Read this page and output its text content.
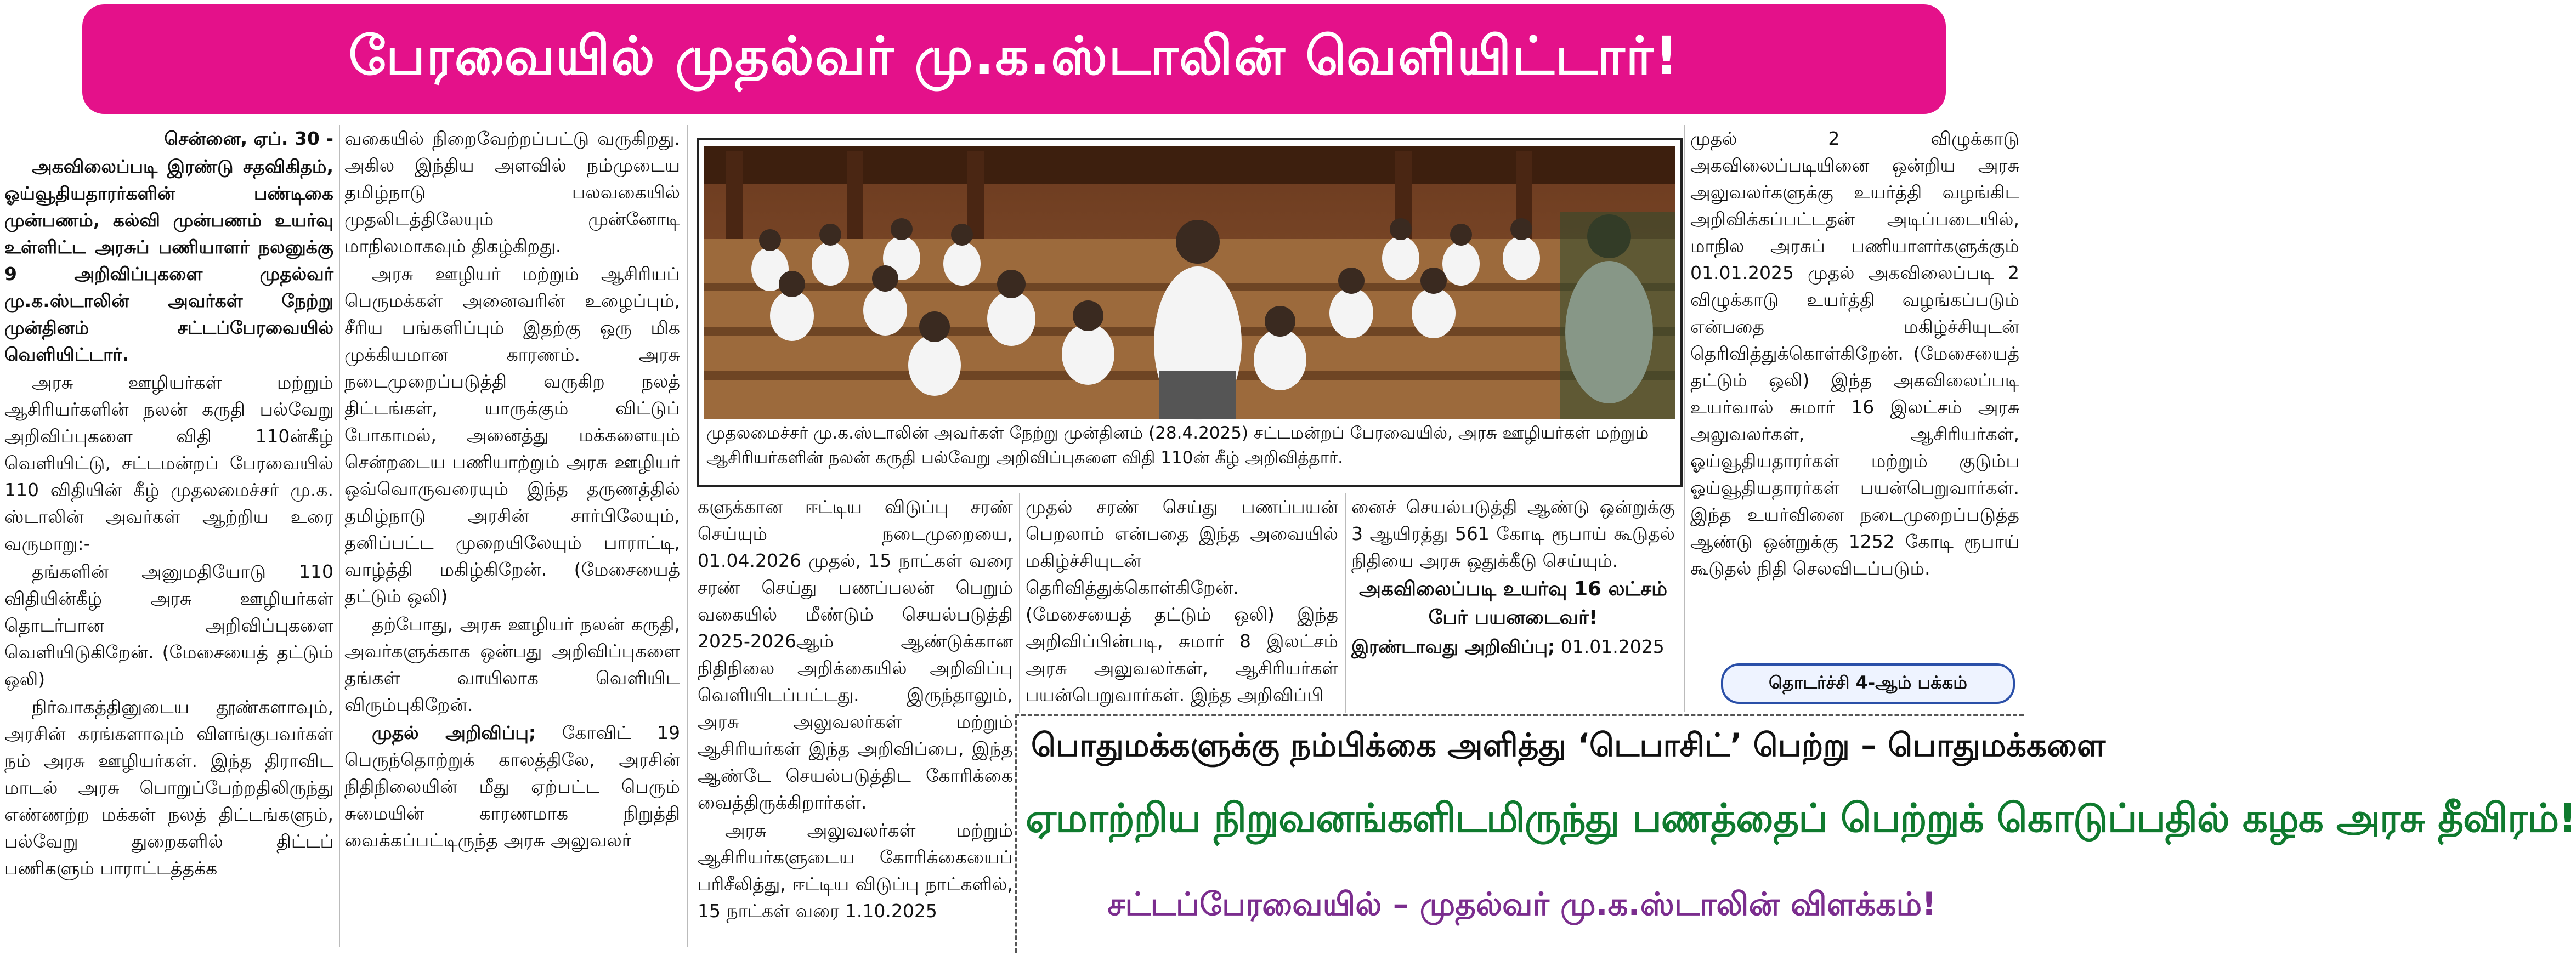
பேரவையில் முதல்வர் மு.க.ஸ்டாலின் வெளியிட்டார்!

சென்னை, ஏப். 30 -

அகவிலைப்படி இரண்டு சதவிகிதம், ஓய்வூதியதாரர்களின் பண்டிகை முன்பணம், கல்வி முன்பணம் உயர்வு உள்ளிட்ட அரசுப் பணியாளர் நலனுக்கு 9 அறிவிப்புகளை முதல்வர் மு.க.ஸ்டாலின் அவர்கள் நேற்று முன்தினம் சட்டப்பேரவையில் வெளியிட்டார்.

அரசு ஊழியர்கள் மற்றும் ஆசிரியர்களின் நலன் கருதி பல்வேறு அறிவிப்புகளை விதி 110ன்கீழ் வெளியிட்டு, சட்டமன்றப் பேரவையில் 110 விதியின் கீழ் முதலமைச்சர் மு.க. ஸ்டாலின் அவர்கள் ஆற்றிய உரை வருமாறு:-

தங்களின் அனுமதியோடு 110 விதியின்கீழ் அரசு ஊழியர்கள் தொடர்பான அறிவிப்புகளை வெளியிடுகிறேன். (மேசையைத் தட்டும் ஒலி)

நிர்வாகத்தினுடைய தூண்களாவும், அரசின் கரங்களாவும் விளங்குபவர்கள் நம் அரசு ஊழியர்கள். இந்த திராவிட மாடல் அரசு பொறுப்பேற்றதிலிருந்து எண்ணற்ற மக்கள் நலத் திட்டங்களும், பல்வேறு துறைகளில் திட்டப் பணிகளும் பாராட்டத்தக்க

வகையில் நிறைவேற்றப்பட்டு வருகிறது. அகில இந்திய அளவில் நம்முடைய தமிழ்நாடு பலவகையில் முதலிடத்திலேயும் முன்னோடி மாநிலமாகவும் திகழ்கிறது.

அரசு ஊழியர் மற்றும் ஆசிரியப் பெருமக்கள் அனைவரின் உழைப்பும், சீரிய பங்களிப்பும் இதற்கு ஒரு மிக முக்கியமான காரணம். அரசு நடைமுறைப்படுத்தி வருகிற நலத் திட்டங்கள், யாருக்கும் விட்டுப் போகாமல், அனைத்து மக்களையும் சென்றடைய பணியாற்றும் அரசு ஊழியர் ஒவ்வொருவரையும் இந்த தருணத்தில் தமிழ்நாடு அரசின் சார்பிலேயும், தனிப்பட்ட முறையிலேயும் பாராட்டி, வாழ்த்தி மகிழ்கிறேன். (மேசையைத் தட்டும் ஒலி)

தற்போது, அரசு ஊழியர் நலன் கருதி, அவர்களுக்காக ஒன்பது அறிவிப்புகளை தங்கள் வாயிலாக வெளியிட விரும்புகிறேன்.

முதல் அறிவிப்பு; கோவிட் 19 பெருந்தொற்றுக் காலத்திலே, அரசின் நிதிநிலையின் மீது ஏற்பட்ட பெரும் சுமையின் காரணமாக நிறுத்தி வைக்கப்பட்டிருந்த அரசு அலுவலர்

முதலமைச்சர் மு.க.ஸ்டாலின் அவர்கள் நேற்று முன்தினம் (28.4.2025) சட்டமன்றப் பேரவையில், அரசு ஊழியர்கள் மற்றும் ஆசிரியர்களின் நலன் கருதி பல்வேறு அறிவிப்புகளை விதி 110ன் கீழ் அறிவித்தார்.

களுக்கான ஈட்டிய விடுப்பு சரண் செய்யும் நடைமுறையை, 01.04.2026 முதல், 15 நாட்கள் வரை சரண் செய்து பணப்பலன் பெறும் வகையில் மீண்டும் செயல்படுத்தி 2025-2026ஆம் ஆண்டுக்கான நிதிநிலை அறிக்கையில் அறிவிப்பு வெளியிடப்பட்டது. இருந்தாலும், அரசு அலுவலர்கள் மற்றும் ஆசிரியர்கள் இந்த அறிவிப்பை, இந்த ஆண்டே செயல்படுத்திட கோரிக்கை வைத்திருக்கிறார்கள்.

அரசு அலுவலர்கள் மற்றும் ஆசிரியர்களுடைய கோரிக்கையைப் பரிசீலித்து, ஈட்டிய விடுப்பு நாட்களில், 15 நாட்கள் வரை 1.10.2025

முதல் சரண் செய்து பணப்பயன் பெறலாம் என்பதை இந்த அவையில் மகிழ்ச்சியுடன் தெரிவித்துக்கொள்கிறேன். (மேசையைத் தட்டும் ஒலி) இந்த அறிவிப்பின்படி, சுமார் 8 இலட்சம் அரசு அலுவலர்கள், ஆசிரியர்கள் பயன்பெறுவார்கள். இந்த அறிவிப்பி

னைச் செயல்படுத்தி ஆண்டு ஒன்றுக்கு 3 ஆயிரத்து 561 கோடி ரூபாய் கூடுதல் நிதியை அரசு ஒதுக்கீடு செய்யும்.

அகவிலைப்படி உயர்வு 16 லட்சம் பேர் பயனடைவர்!

இரண்டாவது அறிவிப்பு; 01.01.2025

முதல் 2 விழுக்காடு அகவிலைப்படியினை ஒன்றிய அரசு அலுவலர்களுக்கு உயர்த்தி வழங்கிட அறிவிக்கப்பட்டதன் அடிப்படையில், மாநில அரசுப் பணியாளர்களுக்கும் 01.01.2025 முதல் அகவிலைப்படி 2 விழுக்காடு உயர்த்தி வழங்கப்படும் என்பதை மகிழ்ச்சியுடன் தெரிவித்துக்கொள்கிறேன். (மேசையைத் தட்டும் ஒலி) இந்த அகவிலைப்படி உயர்வால் சுமார் 16 இலட்சம் அரசு அலுவலர்கள், ஆசிரியர்கள், ஓய்வூதியதாரர்கள் மற்றும் குடும்ப ஓய்வூதியதாரர்கள் பயன்பெறுவார்கள். இந்த உயர்வினை நடைமுறைப்படுத்த ஆண்டு ஒன்றுக்கு 1252 கோடி ரூபாய் கூடுதல் நிதி செலவிடப்படும்.

தொடர்ச்சி 4-ஆம் பக்கம்
பொதுமக்களுக்கு நம்பிக்கை அளித்து ‘டெபாசிட்’ பெற்று – பொதுமக்களை
ஏமாற்றிய நிறுவனங்களிடமிருந்து பணத்தைப் பெற்றுக் கொடுப்பதில் கழக அரசு தீவிரம்!
சட்டப்பேரவையில் – முதல்வர் மு.க.ஸ்டாலின் விளக்கம்!
